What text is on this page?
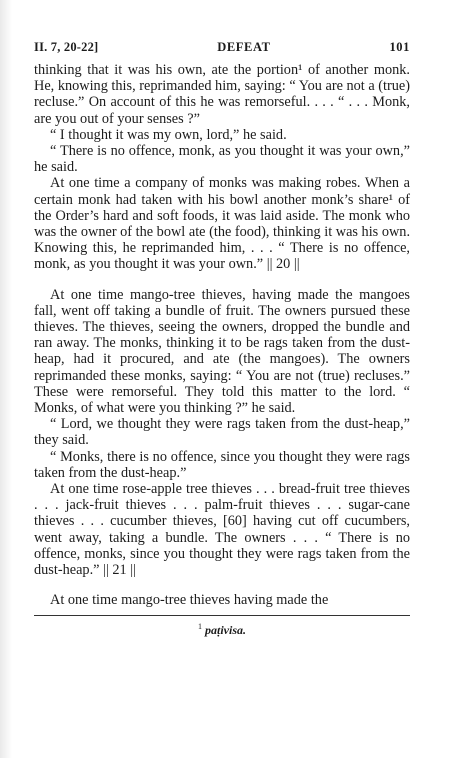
II. 7, 20-22]	DEFEAT	101

thinking that it was his own, ate the portion¹ of another monk. He, knowing this, reprimanded him, saying: “ You are not a (true) recluse.” On account of this he was remorseful. . . . “ . . . Monk, are you out of your senses ?”

“ I thought it was my own, lord,” he said.

“ There is no offence, monk, as you thought it was your own,” he said.

At one time a company of monks was making robes. When a certain monk had taken with his bowl another monk’s share¹ of the Order’s hard and soft foods, it was laid aside. The monk who was the owner of the bowl ate (the food), thinking it was his own. Knowing this, he reprimanded him, . . . “ There is no offence, monk, as you thought it was your own.” || 20 ||

At one time mango-tree thieves, having made the mangoes fall, went off taking a bundle of fruit. The owners pursued these thieves. The thieves, seeing the owners, dropped the bundle and ran away. The monks, thinking it to be rags taken from the dust-heap, had it procured, and ate (the mangoes). The owners reprimanded these monks, saying: “ You are not (true) recluses.” These were remorseful. They told this matter to the lord. “ Monks, of what were you thinking ?” he said.

“ Lord, we thought they were rags taken from the dust-heap,” they said.

“ Monks, there is no offence, since you thought they were rags taken from the dust-heap.”

At one time rose-apple tree thieves . . . bread-fruit tree thieves . . . jack-fruit thieves . . . palm-fruit thieves . . . sugar-cane thieves . . . cucumber thieves, [60] having cut off cucumbers, went away, taking a bundle. The owners . . . “ There is no offence, monks, since you thought they were rags taken from the dust-heap.” || 21 ||

At one time mango-tree thieves having made the

$^1$ paṭivisa.
